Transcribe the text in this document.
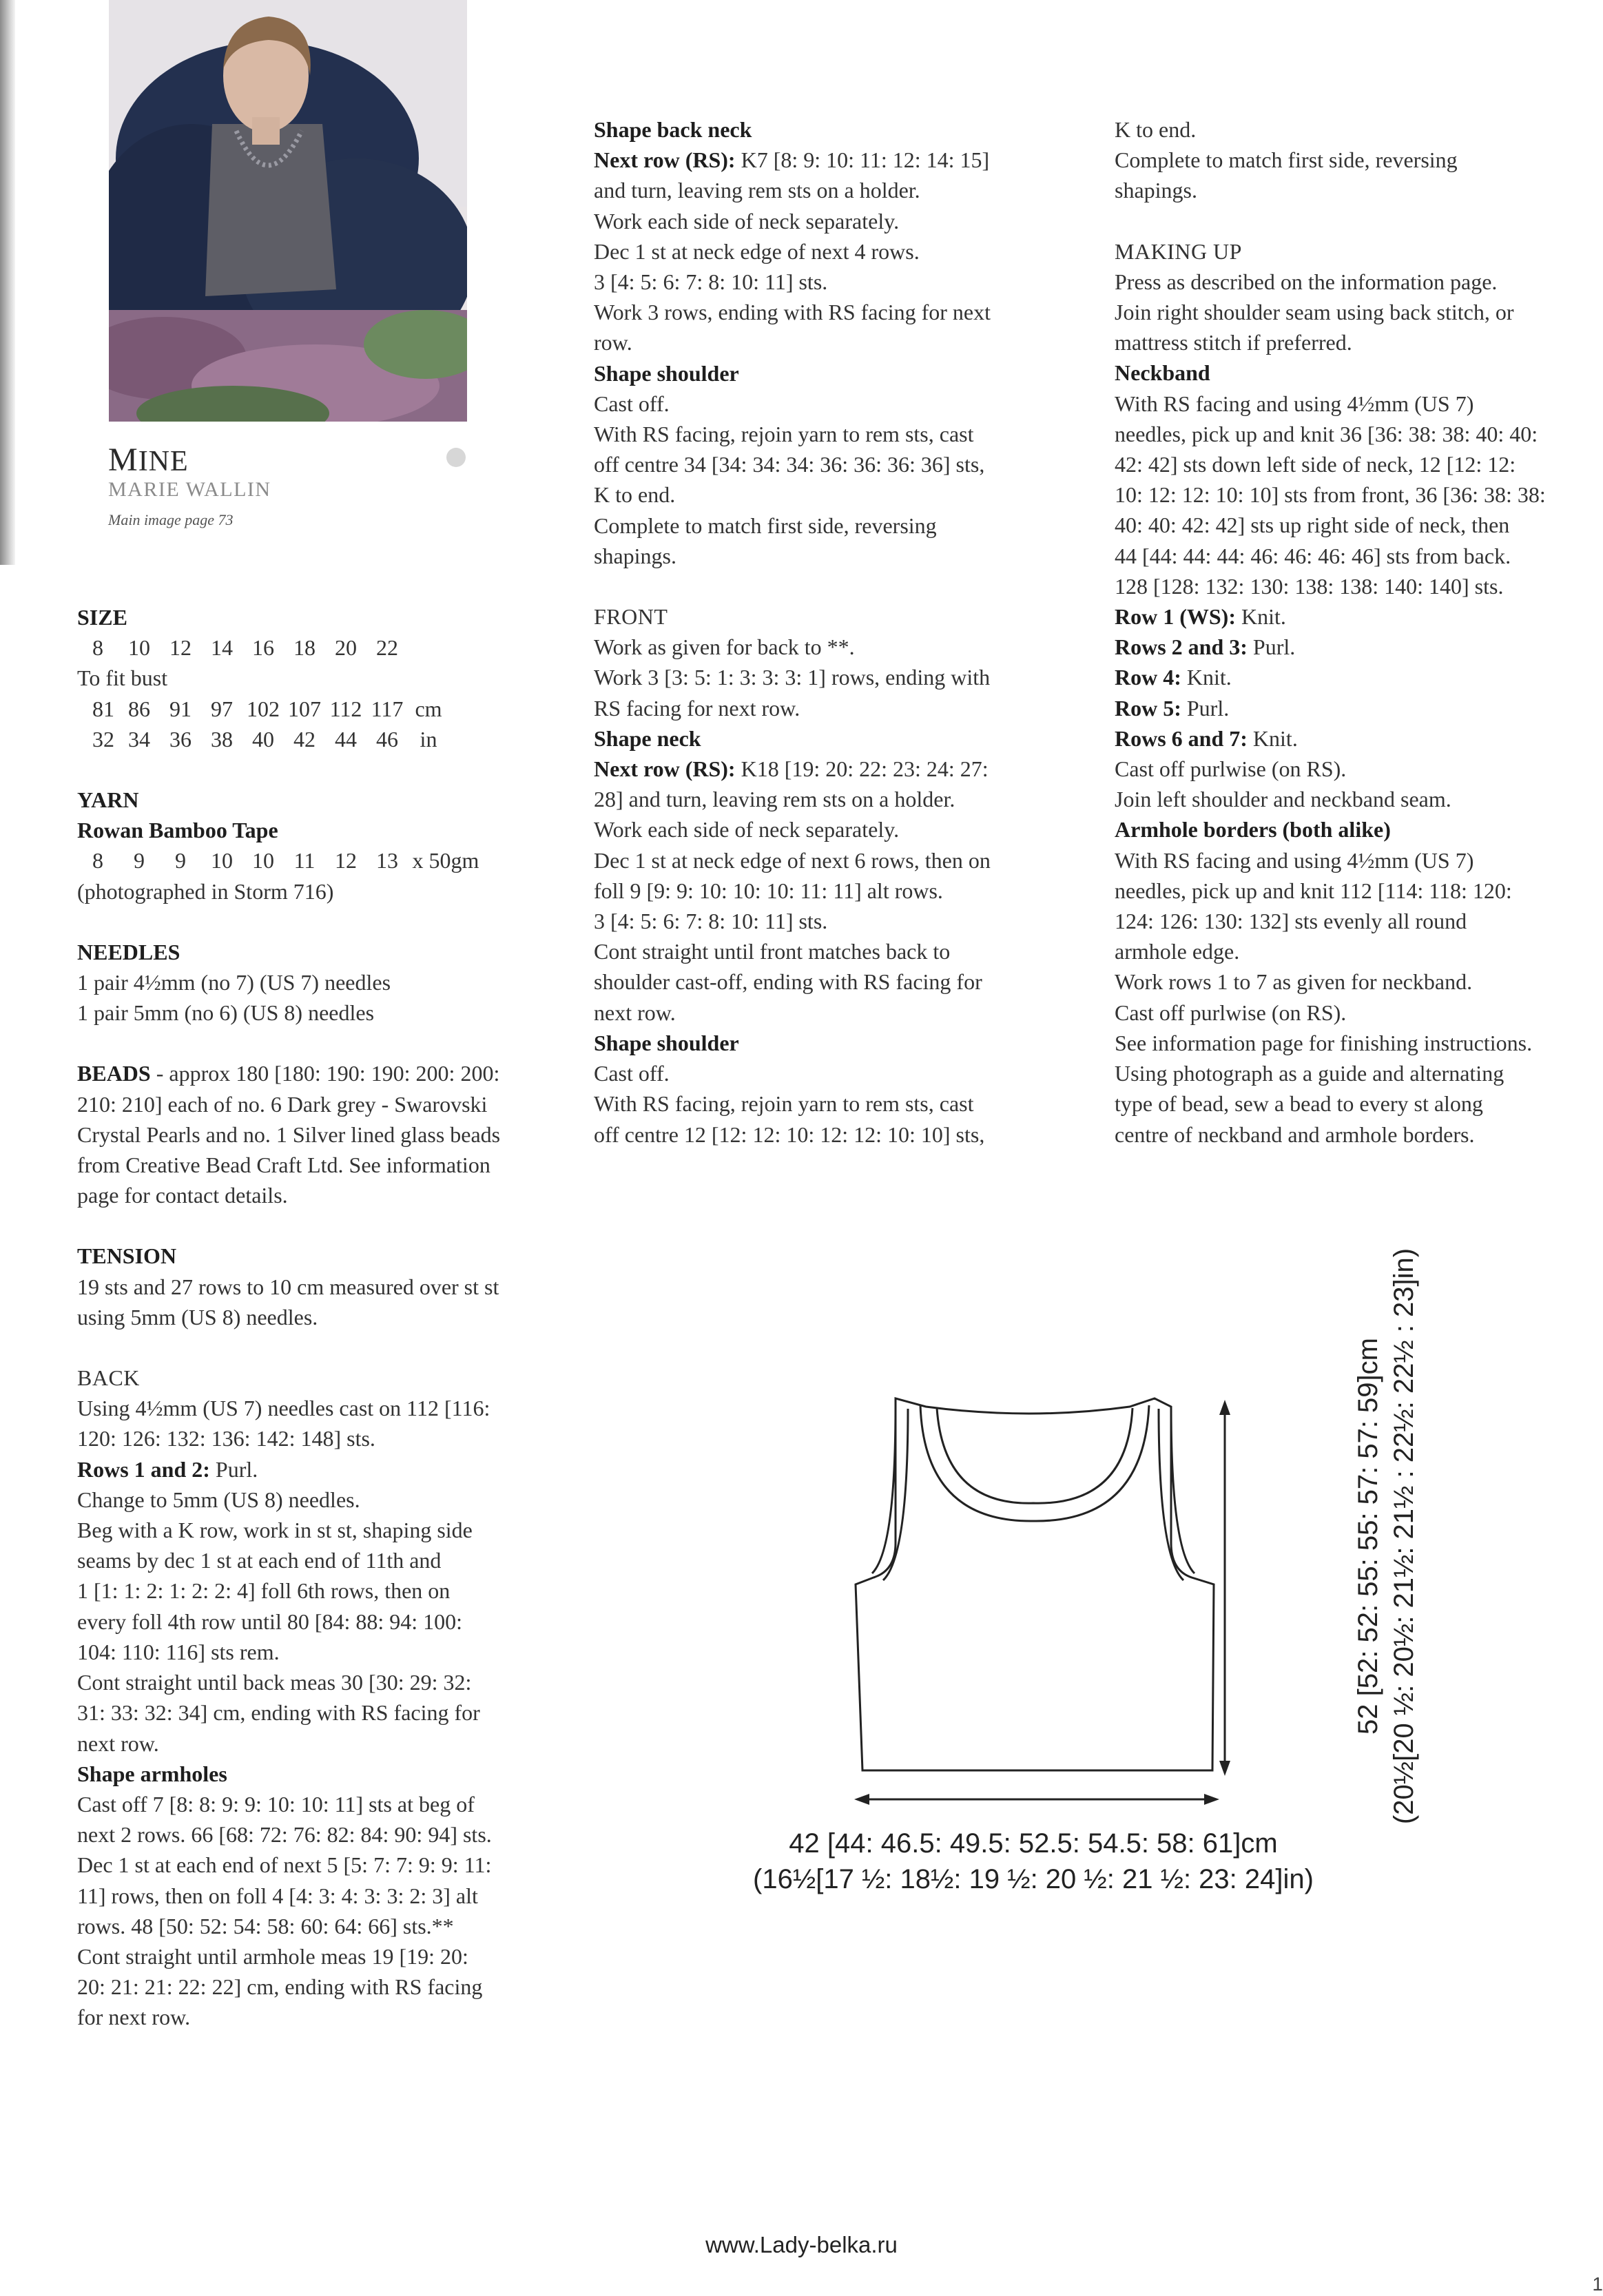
MINE
MARIE WALLIN
Main image page 73

SIZE

8 10 12 14 16 18 20 22

To fit bust

81 86 91 97 102 107 112 117 cm

32 34 36 38 40 42 44 46 in

YARN

Rowan Bamboo Tape

8 9 9 10 10 11 12 13 x 50gm

(photographed in Storm 716)

NEEDLES

1 pair 4½mm (no 7) (US 7) needles

1 pair 5mm (no 6) (US 8) needles

BEADS - approx 180 [180: 190: 190: 200: 200:

210: 210] each of no. 6 Dark grey - Swarovski

Crystal Pearls and no. 1 Silver lined glass beads

from Creative Bead Craft Ltd. See information

page for contact details.

TENSION

19 sts and 27 rows to 10 cm measured over st st

using 5mm (US 8) needles.

BACK

Using 4½mm (US 7) needles cast on 112 [116:

120: 126: 132: 136: 142: 148] sts.

Rows 1 and 2: Purl.

Change to 5mm (US 8) needles.

Beg with a K row, work in st st, shaping side

seams by dec 1 st at each end of 11th and

1 [1: 1: 2: 1: 2: 2: 4] foll 6th rows, then on

every foll 4th row until 80 [84: 88: 94: 100:

104: 110: 116] sts rem.

Cont straight until back meas 30 [30: 29: 32:

31: 33: 32: 34] cm, ending with RS facing for

next row.

Shape armholes

Cast off 7 [8: 8: 9: 9: 10: 10: 11] sts at beg of

next 2 rows. 66 [68: 72: 76: 82: 84: 90: 94] sts.

Dec 1 st at each end of next 5 [5: 7: 7: 9: 9: 11:

11] rows, then on foll 4 [4: 3: 4: 3: 3: 2: 3] alt

rows. 48 [50: 52: 54: 58: 60: 64: 66] sts.**

Cont straight until armhole meas 19 [19: 20:

20: 21: 21: 22: 22] cm, ending with RS facing

for next row.

Shape back neck

Next row (RS): K7 [8: 9: 10: 11: 12: 14: 15]

and turn, leaving rem sts on a holder.

Work each side of neck separately.

Dec 1 st at neck edge of next 4 rows.

3 [4: 5: 6: 7: 8: 10: 11] sts.

Work 3 rows, ending with RS facing for next

row.

Shape shoulder

Cast off.

With RS facing, rejoin yarn to rem sts, cast

off centre 34 [34: 34: 34: 36: 36: 36: 36] sts,

K to end.

Complete to match first side, reversing

shapings.

FRONT

Work as given for back to **.

Work 3 [3: 5: 1: 3: 3: 3: 1] rows, ending with

RS facing for next row.

Shape neck

Next row (RS): K18 [19: 20: 22: 23: 24: 27:

28] and turn, leaving rem sts on a holder.

Work each side of neck separately.

Dec 1 st at neck edge of next 6 rows, then on

foll 9 [9: 9: 10: 10: 10: 11: 11] alt rows.

3 [4: 5: 6: 7: 8: 10: 11] sts.

Cont straight until front matches back to

shoulder cast-off, ending with RS facing for

next row.

Shape shoulder

Cast off.

With RS facing, rejoin yarn to rem sts, cast

off centre 12 [12: 12: 10: 12: 12: 10: 10] sts,

K to end.

Complete to match first side, reversing

shapings.

MAKING UP

Press as described on the information page.

Join right shoulder seam using back stitch, or

mattress stitch if preferred.

Neckband

With RS facing and using 4½mm (US 7)

needles, pick up and knit 36 [36: 38: 38: 40: 40:

42: 42] sts down left side of neck, 12 [12: 12:

10: 12: 12: 10: 10] sts from front, 36 [36: 38: 38:

40: 40: 42: 42] sts up right side of neck, then

44 [44: 44: 44: 46: 46: 46: 46] sts from back.

128 [128: 132: 130: 138: 138: 140: 140] sts.

Row 1 (WS): Knit.

Rows 2 and 3: Purl.

Row 4: Knit.

Row 5: Purl.

Rows 6 and 7: Knit.

Cast off purlwise (on RS).

Join left shoulder and neckband seam.

Armhole borders (both alike)

With RS facing and using 4½mm (US 7)

needles, pick up and knit 112 [114: 118: 120:

124: 126: 130: 132] sts evenly all round

armhole edge.

Work rows 1 to 7 as given for neckband.

Cast off purlwise (on RS).

See information page for finishing instructions.

Using photograph as a guide and alternating

type of bead, sew a bead to every st along

centre of neckband and armhole borders.

42 [44: 46.5: 49.5: 52.5: 54.5: 58: 61]cm
(16½[17 ½: 18½: 19 ½: 20 ½: 21 ½: 23: 24]in)
52 [52: 52: 55: 55: 57: 57: 59]cm (20½[20 ½: 20½: 21½: 21½ : 22½: 22½ : 23]in)
www.Lady-belka.ru
1
